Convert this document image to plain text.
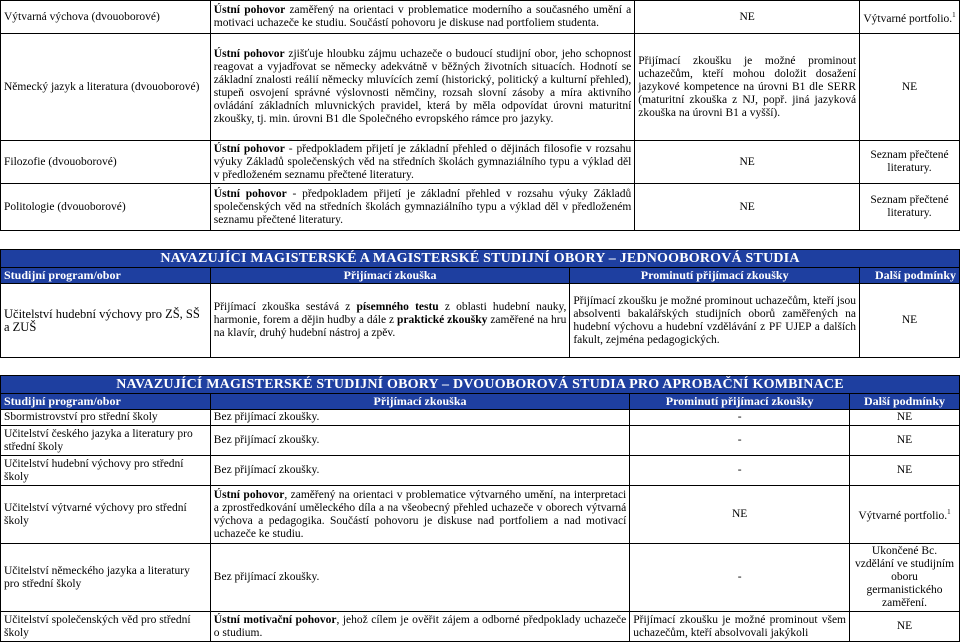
Výtvarná výchova (dvouoborové)	Ústní pohovor zaměřený na orientaci v problematice moderního a současného umění a motivaci uchazeče ke studiu. Součástí pohovoru je diskuse nad portfoliem studenta.	NE	Výtvarné portfolio.$^1$
Německý jazyk a literatura (dvouoborové)	Ústní pohovor zjišťuje hloubku zájmu uchazeče o budoucí studijní obor, jeho schopnost reagovat a vyjadřovat se německy adekvátně v běžných životních situacích. Hodnotí se základní znalosti reálií německy mluvících zemí (historický, politický a kulturní přehled), stupeň osvojení správné výslovnosti němčiny, rozsah slovní zásoby a míra aktivního ovládání základních mluvnických pravidel, která by měla odpovídat úrovni maturitní zkoušky, tj. min. úrovni B1 dle Společného evropského rámce pro jazyky.	Přijímací zkoušku je možné prominout uchazečům, kteří mohou doložit dosažení jazykové kompetence na úrovni B1 dle SERR (maturitní zkouška z NJ, popř. jiná jazyková zkouška na úrovni B1 a vyšší).	NE
Filozofie (dvouoborové)	Ústní pohovor - předpokladem přijetí je základní přehled o dějinách filosofie v rozsahu výuky Základů společenských věd na středních školách gymnaziálního typu a výklad děl v předloženém seznamu přečtené literatury.	NE	Seznam přečtené literatury.
Politologie (dvouoborové)	Ústní pohovor - předpokladem přijetí je základní přehled v rozsahu výuky Základů společenských věd na středních školách gymnaziálního typu a výklad děl v předloženém seznamu přečtené literatury.	NE	Seznam přečtené literatury.
NAVAZUJÍCI MAGISTERSKÉ A MAGISTERSKÉ STUDIJNÍ OBORY – JEDNOOBOROVÁ STUDIA			
Studijní program/obor	Přijímací zkouška	Prominutí přijímací zkoušky	Další podmínky
Učitelství hudební výchovy pro ZŠ, SŠ a ZUŠ	Přijímací zkouška sestává z písemného testu z oblasti hudební nauky, harmonie, forem a dějin hudby a dále z praktické zkoušky zaměřené na hru na klavír, druhý hudební nástroj a zpěv.	Přijímací zkoušku je možné prominout uchazečům, kteří jsou absolventi bakalářských studijních oborů zaměřených na hudební výchovu a hudební vzdělávání z PF UJEP a dalších fakult, zejména pedagogických.	NE
NAVAZUJÍCÍ MAGISTERSKÉ STUDIJNÍ OBORY – DVOUOBOROVÁ STUDIA PRO APROBAČNÍ KOMBINACE			
Studijní program/obor	Přijímací zkouška	Prominutí přijímací zkoušky	Další podmínky
Sbormistrovství pro střední školy	Bez přijímací zkoušky.	-	NE
Učitelství českého jazyka a literatury pro střední školy	Bez přijímací zkoušky.	-	NE
Učitelství hudební výchovy pro střední školy	Bez přijímací zkoušky.	-	NE
Učitelství výtvarné výchovy pro střední školy	Ústní pohovor, zaměřený na orientaci v problematice výtvarného umění, na interpretaci a zprostředkování uměleckého díla a na všeobecný přehled uchazeče v oborech výtvarná výchova a pedagogika. Součástí pohovoru je diskuse nad portfoliem a nad motivací uchazeče ke studiu.	NE	Výtvarné portfolio.$^1$
Učitelství německého jazyka a literatury pro střední školy	Bez přijímací zkoušky.	-	Ukončené Bc. vzdělání ve studijním oboru germanistického zaměření.
Učitelství společenských věd pro střední školy	Ústní motivační pohovor, jehož cílem je ověřit zájem a odborné předpoklady uchazeče o studium.	Přijímací zkoušku je možné prominout všem uchazečům, kteří absolvovali jakýkoli	NE
